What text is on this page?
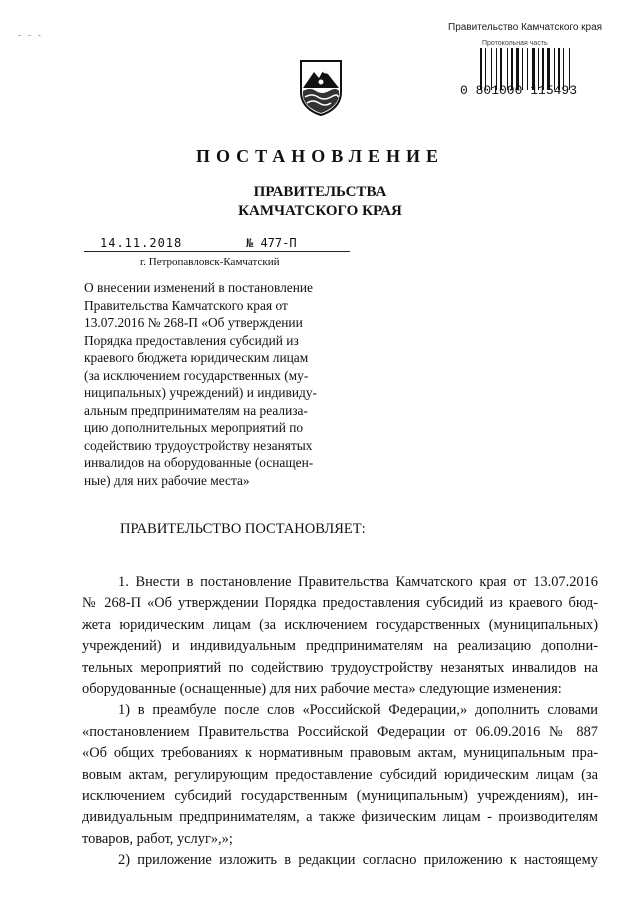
- - -
Правительство Камчатского края
Протокольная часть
0 801000 115493
ПОСТАНОВЛЕНИЕ
ПРАВИТЕЛЬСТВА
КАМЧАТСКОГО КРАЯ
14.11.2018	№ 477-П
г. Петропавловск-Камчатский
О внесении изменений в постановление
Правительства Камчатского края от
13.07.2016 № 268-П «Об утверждении
Порядка предоставления субсидий из
краевого бюджета юридическим лицам
(за исключением государственных (му-
ниципальных) учреждений) и индивиду-
альным предпринимателям на реализа-
цию дополнительных мероприятий по
содействию трудоустройству незанятых
инвалидов на оборудованные (оснащен-
ные) для них рабочие места»
ПРАВИТЕЛЬСТВО ПОСТАНОВЛЯЕТ:
1. Внести в постановление Правительства Камчатского края от 13.07.2016
№ 268-П «Об утверждении Порядка предоставления субсидий из краевого бюд-
жета юридическим лицам (за исключением государственных (муниципальных)
учреждений) и индивидуальным предпринимателям на реализацию дополни-
тельных мероприятий по содействию трудоустройству незанятых инвалидов на
оборудованные (оснащенные) для них рабочие места» следующие изменения:
1) в преамбуле после слов «Российской Федерации,» дополнить словами
«постановлением Правительства Российской Федерации от 06.09.2016 № 887
«Об общих требованиях к нормативным правовым актам, муниципальным пра-
вовым актам, регулирующим предоставление субсидий юридическим лицам (за
исключением субсидий государственным (муниципальным) учреждениям), ин-
дивидуальным предпринимателям, а также физическим лицам - производителям
товаров, работ, услуг»,»;
2) приложение изложить в редакции согласно приложению к настоящему
